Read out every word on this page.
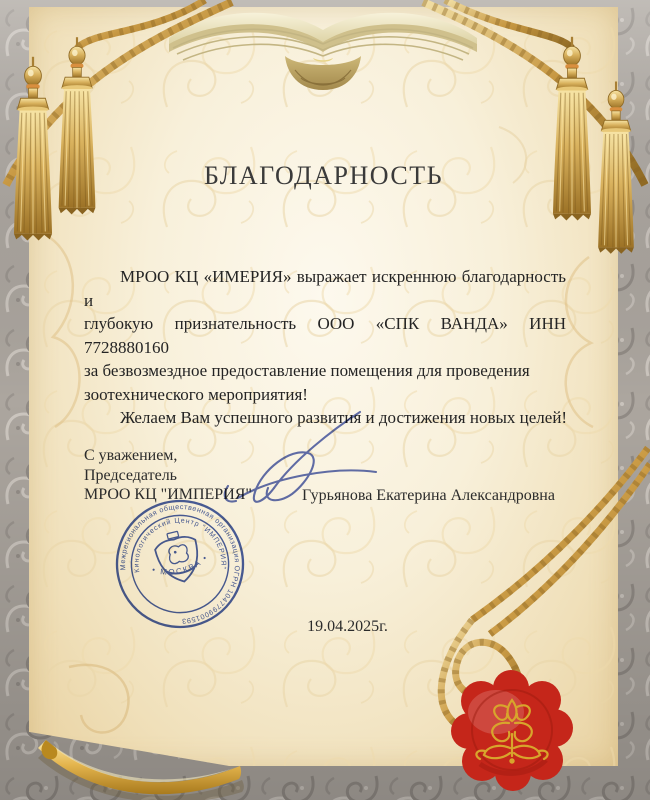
БЛАГОДАРНОСТЬ
МРОО КЦ «ИМЕРИЯ» выражает искреннюю благодарность и
глубокую признательность ООО «СПК ВАНДА» ИНН 7728880160
за безвозмездное предоставление помещения для проведения
зоотехнического мероприятия!
Желаем Вам успешного развития и достижения новых целей!
С уважением,
Председатель
МРОО КЦ "ИМПЕРИЯ"	Гурьянова Екатерина Александровна
19.04.2025г.
Межрегиональная общественная организация ОГРН 1047799001593
Кинологический Центр "ИМПЕРИЯ"
• МОСКВА •
